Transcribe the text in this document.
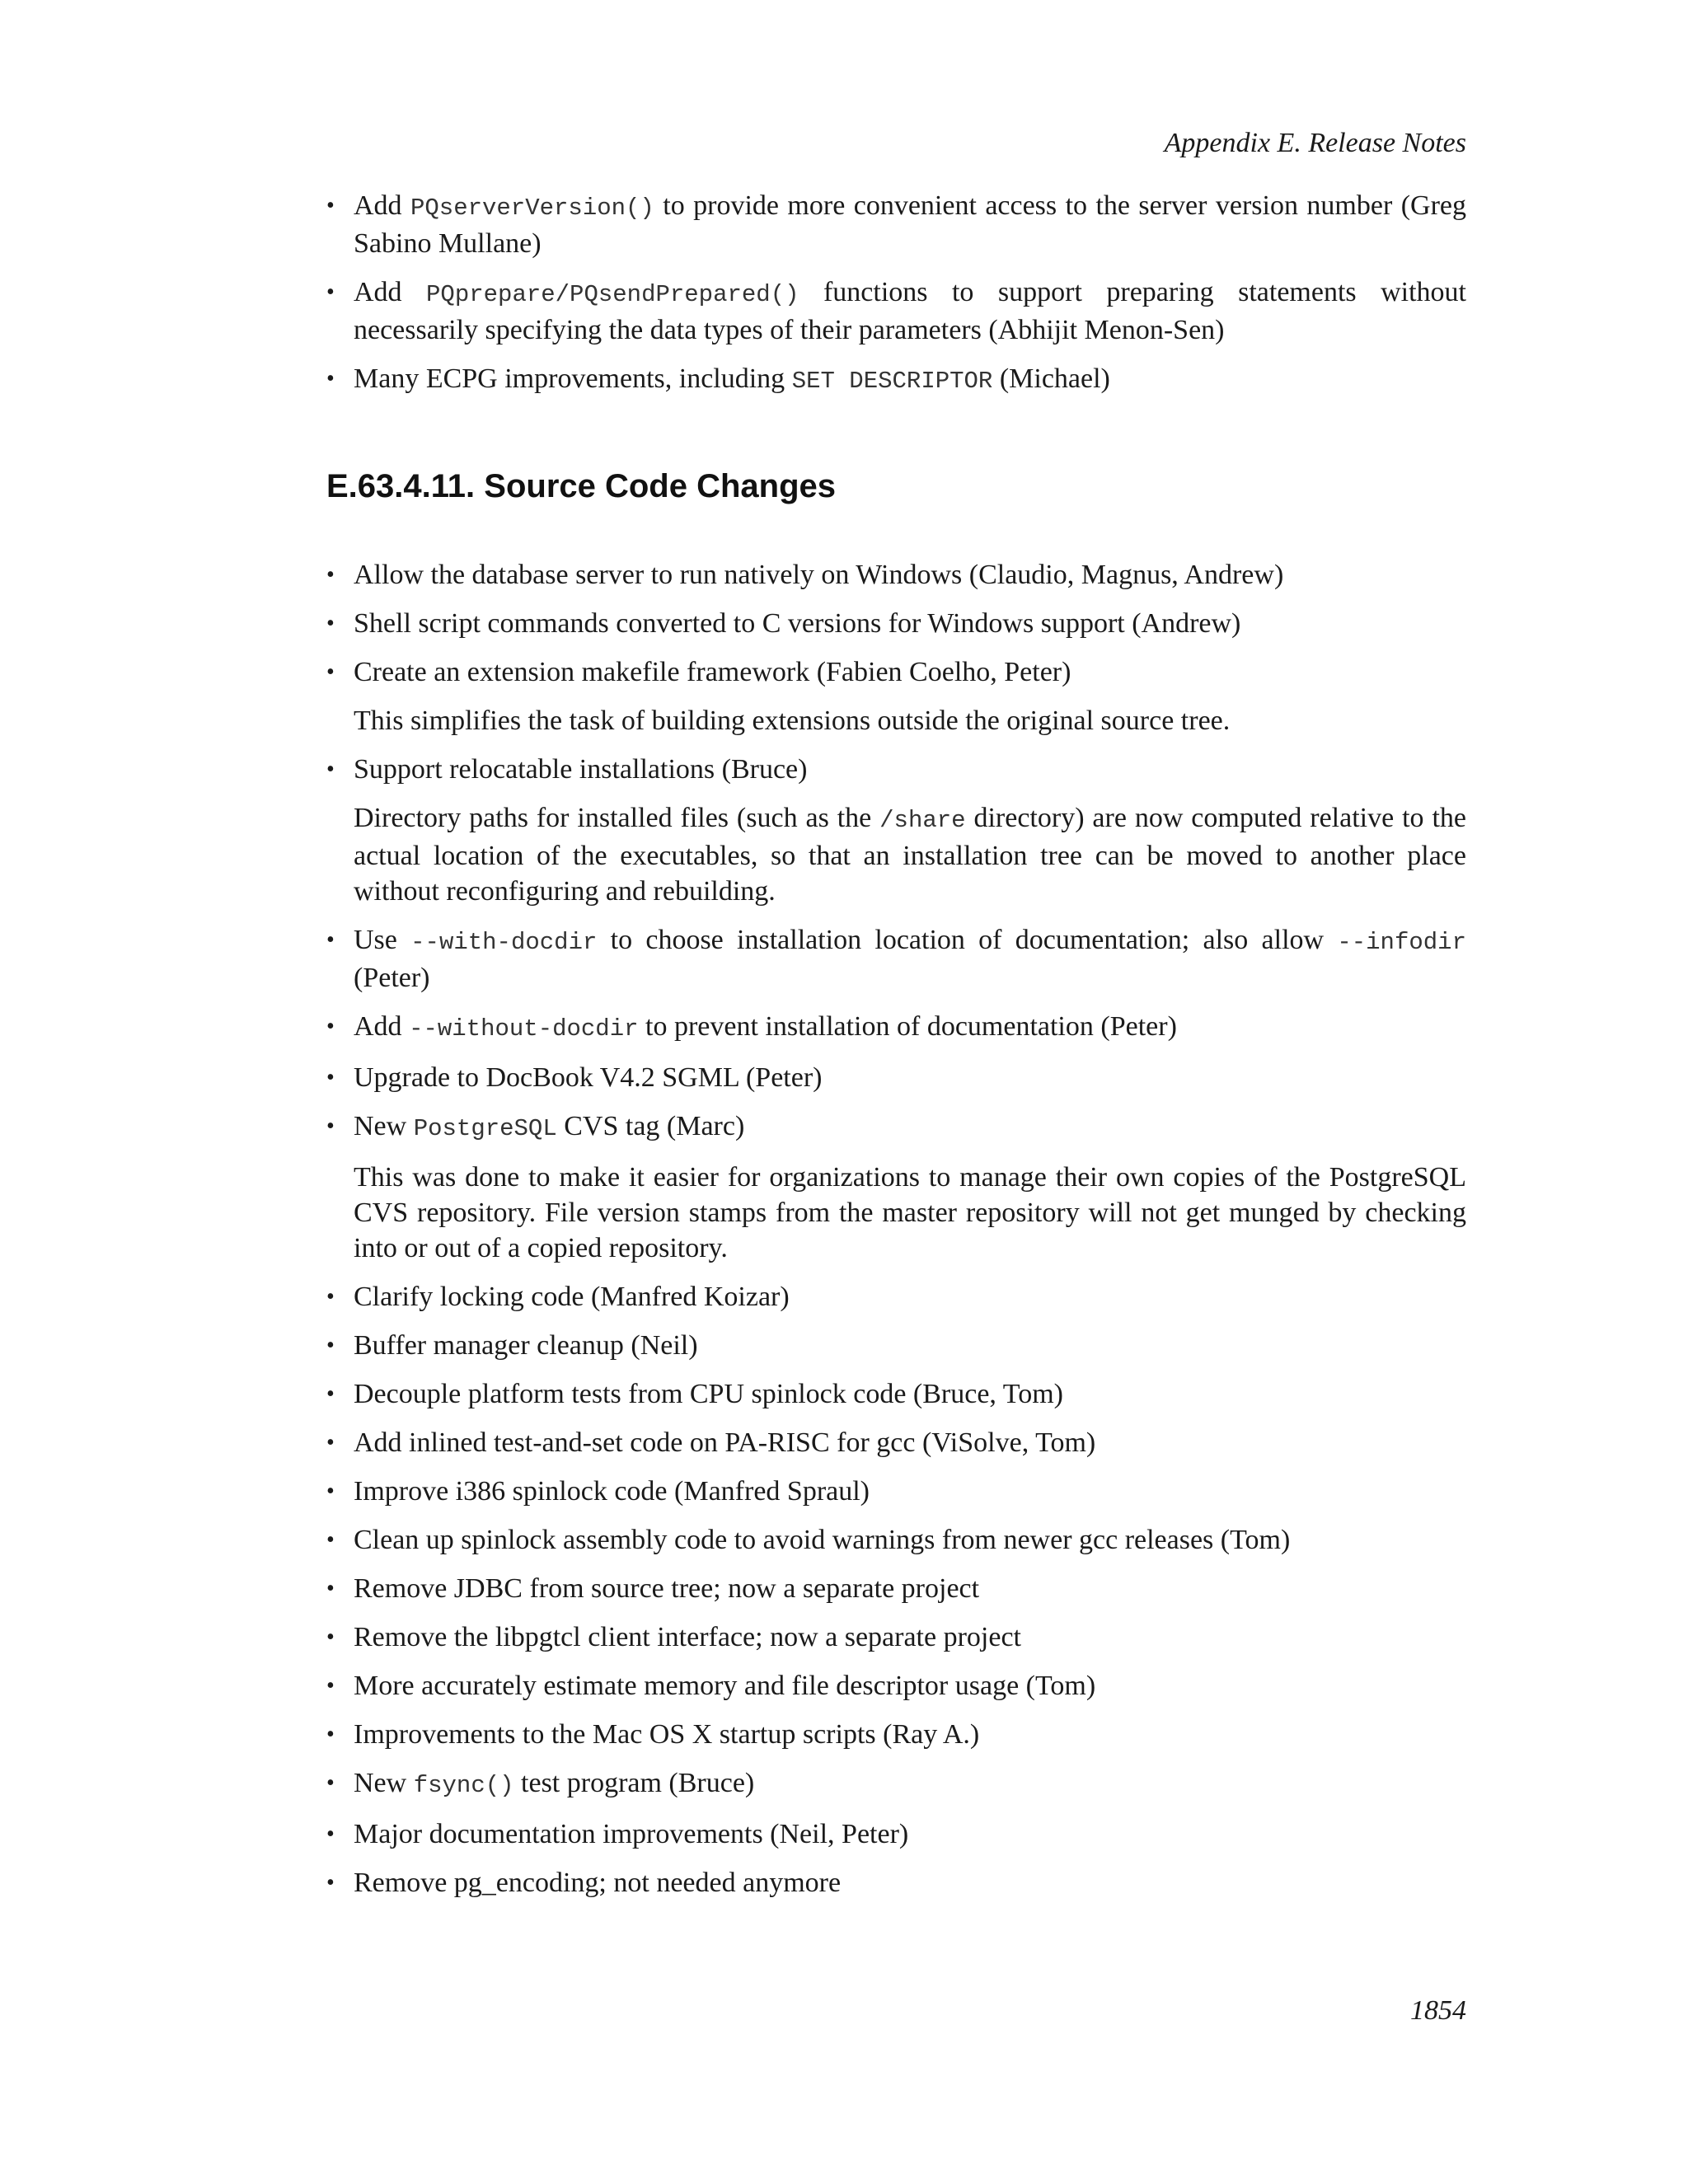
Appendix E. Release Notes
• Add PQserverVersion() to provide more convenient access to the server version number (Greg Sabino Mullane)
• Add PQprepare/PQsendPrepared() functions to support preparing statements without necessarily specifying the data types of their parameters (Abhijit Menon-Sen)
• Many ECPG improvements, including SET DESCRIPTOR (Michael)
E.63.4.11. Source Code Changes
• Allow the database server to run natively on Windows (Claudio, Magnus, Andrew)
• Shell script commands converted to C versions for Windows support (Andrew)
• Create an extension makefile framework (Fabien Coelho, Peter)
This simplifies the task of building extensions outside the original source tree.
• Support relocatable installations (Bruce)
Directory paths for installed files (such as the /share directory) are now computed relative to the actual location of the executables, so that an installation tree can be moved to another place without reconfiguring and rebuilding.
• Use --with-docdir to choose installation location of documentation; also allow --infodir (Peter)
• Add --without-docdir to prevent installation of documentation (Peter)
• Upgrade to DocBook V4.2 SGML (Peter)
• New PostgreSQL CVS tag (Marc)
This was done to make it easier for organizations to manage their own copies of the PostgreSQL CVS repository. File version stamps from the master repository will not get munged by checking into or out of a copied repository.
• Clarify locking code (Manfred Koizar)
• Buffer manager cleanup (Neil)
• Decouple platform tests from CPU spinlock code (Bruce, Tom)
• Add inlined test-and-set code on PA-RISC for gcc (ViSolve, Tom)
• Improve i386 spinlock code (Manfred Spraul)
• Clean up spinlock assembly code to avoid warnings from newer gcc releases (Tom)
• Remove JDBC from source tree; now a separate project
• Remove the libpgtcl client interface; now a separate project
• More accurately estimate memory and file descriptor usage (Tom)
• Improvements to the Mac OS X startup scripts (Ray A.)
• New fsync() test program (Bruce)
• Major documentation improvements (Neil, Peter)
• Remove pg_encoding; not needed anymore
1854
